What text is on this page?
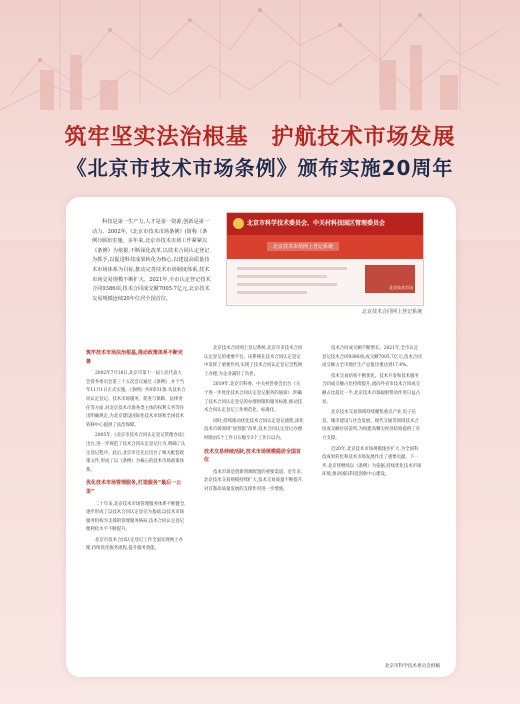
筑牢坚实法治根基　护航技术市场发展
《北京市技术市场条例》颁布实施20周年
科技是第一生产力,人才是第一资源,创新是第一动力。2002年,《北京市技术市场条例》(简称《条例》)颁布实施。多年来,北京市技术市场工作紧紧以《条例》为依据,不断深化改革,以技术合同认定登记为抓手,以促进科技成果转化为核心,以建设高质量技术市场体系为目标,推动完善技术市场制度体系,技术市场交易规模不断扩大。2021年,全市认定登记技术合同9386项,技术合同成交额7005.7亿元,北京技术交易规模连续20年位居全国首位。
北京市科学技术委员会、中关村科技园区管理委员会
北京技术市场网上登记系统
北京技术市场
北京技术合同网上登记系统
筑牢技术市场法治根基,推动政策体系不断完善

2002年7月18日,北京市第十一届人民代表大会常务委员会第三十五次会议通过《条例》,并于当年11月1日正式实施。《条例》共8章31条,从技术合同认定登记、技术市场服务、促进与保障、法律责任等方面,对北京技术市场各类主体的权利义务等作出明确规定,为北京建设国际化技术市场和全国技术转移中心提供了法治保障。

2005年,《北京市技术合同认定登记管理办法》出台,进一步规范了技术合同认定登记行为,明确了认定登记程序。此后,北京市还先后出台了相关配套政策文件,形成了以《条例》为核心的技术市场政策体系。

优化技术市场管理服务,打造服务“最后一公里”

二十年来,北京技术市场管理服务体系不断健全,逐步形成了以技术合同认定登记为基础,以技术市场服务机构为支撑的管理服务格局,技术合同认定登记便利化水平不断提升。

北京市技术合同认定登记工作全面实现网上办理,持续优化服务流程,提升服务效能。

北京技术合同网上登记系统,北京市市技术合同认定登记的重要平台。该系统在技术合同认定登记中发挥了重要作用,实现了技术合同认定登记全程网上办理,为企业减轻了负担。

2019年,北京市科委、中关村管委会出台《关于进一步优化技术合同认定登记服务的通知》,明确了技术合同认定登记的办理时限和服务标准,推动技术合同认定登记工作规范化、标准化。

同时,持续推动优化技术合同认定登记流程,深化技术市场领域“放管服”改革,技术合同认定登记办理时限由5个工作日压缩至3个工作日以内。

技术交易持续活跃,技术市场规模稳居全国首位

技术市场是创新资源配置的重要渠道。近年来,北京技术交易规模持续扩大,技术交易质量不断提升,对首都高质量发展的支撑作用进一步增强。

技术合同成交额不断增长。2021年,全市认定登记技术合同9386项,成交额7005.7亿元,技术合同成交额占全市地区生产总值比重达到17.4%。

技术交易结构不断优化。技术开发和技术服务合同成交额占比持续提升,流向外省市技术合同成交额占比超过一半,北京技术市场辐射带动作用日益凸显。

北京技术交易领域持续聚焦重点产业,电子信息、城市建设与社会发展、现代交通等领域技术合同成交额位居前列,为构建高精尖经济结构提供了有力支撑。

近20年,北京技术市场规模逐步扩大,为全国科技成果转化和技术市场发展作出了重要贡献。下一步,北京将继续以《条例》为依据,持续优化技术市场环境,推动国际科技创新中心建设。

北京市科学技术委员会供稿
